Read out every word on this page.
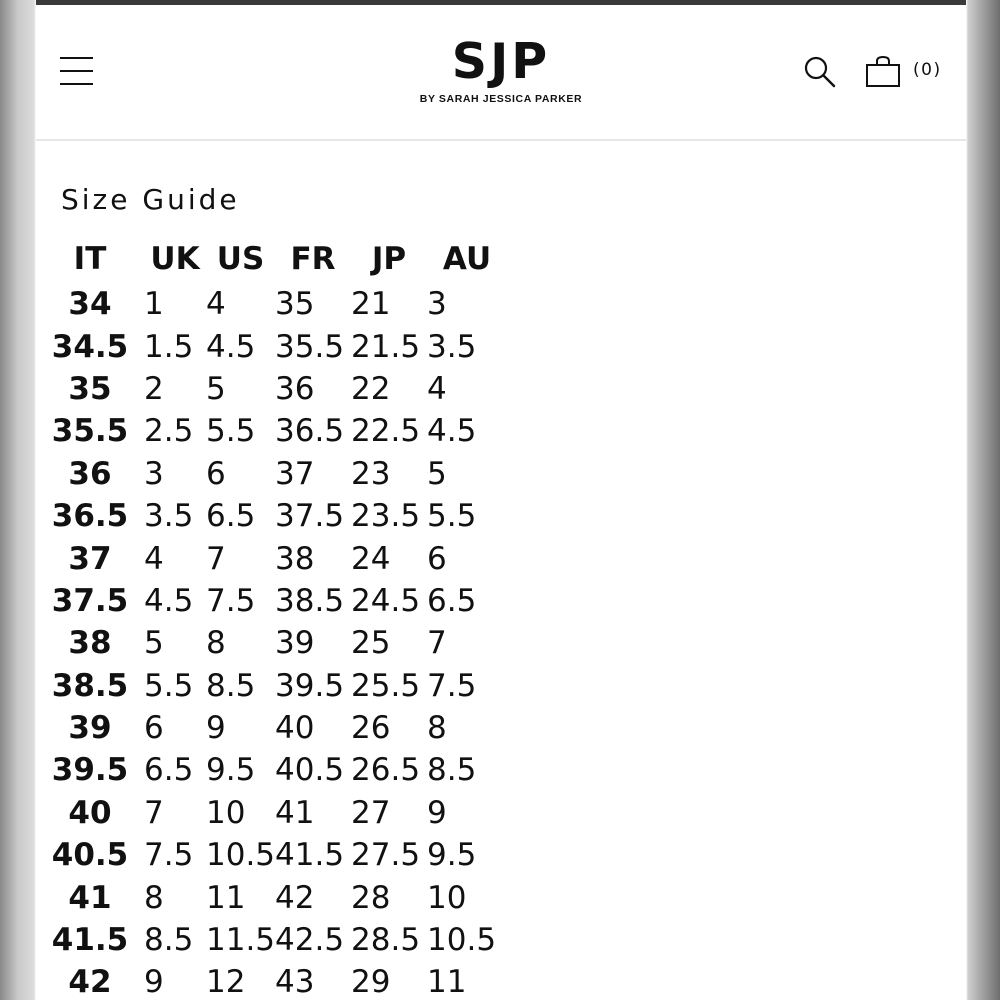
SJP
BY SARAH JESSICA PARKER
(0)
Size Guide
IT	UK	US	FR	JP	AU
34	1	4	35	21	3
34.5	1.5	4.5	35.5	21.5	3.5
35	2	5	36	22	4
35.5	2.5	5.5	36.5	22.5	4.5
36	3	6	37	23	5
36.5	3.5	6.5	37.5	23.5	5.5
37	4	7	38	24	6
37.5	4.5	7.5	38.5	24.5	6.5
38	5	8	39	25	7
38.5	5.5	8.5	39.5	25.5	7.5
39	6	9	40	26	8
39.5	6.5	9.5	40.5	26.5	8.5
40	7	10	41	27	9
40.5	7.5	10.5	41.5	27.5	9.5
41	8	11	42	28	10
41.5	8.5	11.5	42.5	28.5	10.5
42	9	12	43	29	11
